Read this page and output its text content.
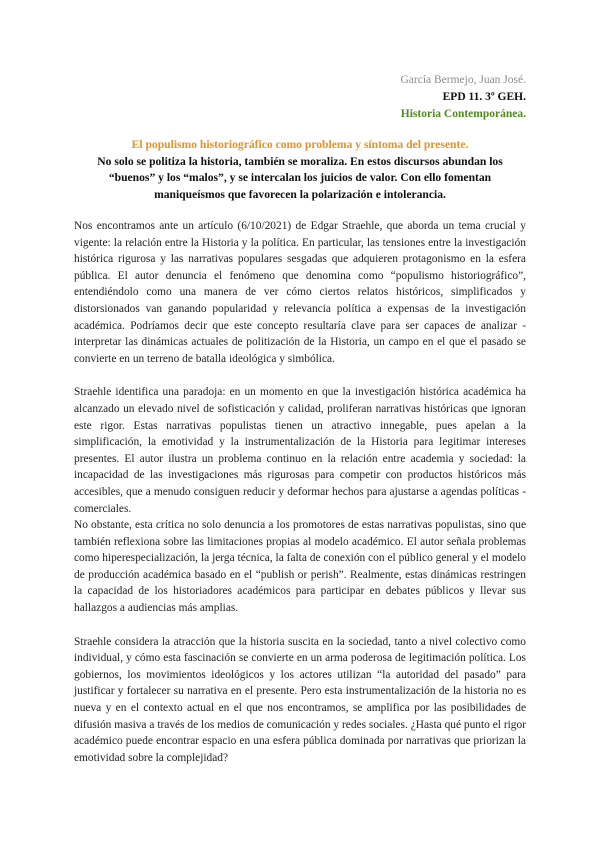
García Bermejo, Juan José.
EPD 11. 3º GEH.
Historia Contemporánea.
El populismo historiográfico como problema y síntoma del presente.
No solo se politiza la historia, también se moraliza. En estos discursos abundan los “buenos” y los “malos”, y se intercalan los juicios de valor. Con ello fomentan maniqueísmos que favorecen la polarización e intolerancia.

Nos encontramos ante un artículo (6/10/2021) de Edgar Straehle, que aborda un tema crucial y vigente: la relación entre la Historia y la política. En particular, las tensiones entre la investigación histórica rigurosa y las narrativas populares sesgadas que adquieren protagonismo en la esfera pública. El autor denuncia el fenómeno que denomina como “populismo historiográfico”, entendiéndolo como una manera de ver cómo ciertos relatos históricos, simplificados y distorsionados van ganando popularidad y relevancia política a expensas de la investigación académica. Podríamos decir que este concepto resultaría clave para ser capaces de analizar - interpretar las dinámicas actuales de politización de la Historia, un campo en el que el pasado se convierte en un terreno de batalla ideológica y simbólica.

Straehle identifica una paradoja: en un momento en que la investigación histórica académica ha alcanzado un elevado nivel de sofisticación y calidad, proliferan narrativas históricas que ignoran este rigor. Estas narrativas populistas tienen un atractivo innegable, pues apelan a la simplificación, la emotividad y la instrumentalización de la Historia para legitimar intereses presentes. El autor ilustra un problema continuo en la relación entre academia y sociedad: la incapacidad de las investigaciones más rigurosas para competir con productos históricos más accesibles, que a menudo consiguen reducir y deformar hechos para ajustarse a agendas políticas - comerciales.

No obstante, esta crítica no solo denuncia a los promotores de estas narrativas populistas, sino que también reflexiona sobre las limitaciones propias al modelo académico. El autor señala problemas como hiperespecialización, la jerga técnica, la falta de conexión con el público general y el modelo de producción académica basado en el “publish or perish”. Realmente, estas dinámicas restringen la capacidad de los historiadores académicos para participar en debates públicos y llevar sus hallazgos a audiencias más amplias.

Straehle considera la atracción que la historia suscita en la sociedad, tanto a nivel colectivo como individual, y cómo esta fascinación se convierte en un arma poderosa de legitimación política. Los gobiernos, los movimientos ideológicos y los actores utilizan “la autoridad del pasado” para justificar y fortalecer su narrativa en el presente. Pero esta instrumentalización de la historia no es nueva y en el contexto actual en el que nos encontramos, se amplifica por las posibilidades de difusión masiva a través de los medios de comunicación y redes sociales. ¿Hasta qué punto el rigor académico puede encontrar espacio en una esfera pública dominada por narrativas que priorizan la emotividad sobre la complejidad?
